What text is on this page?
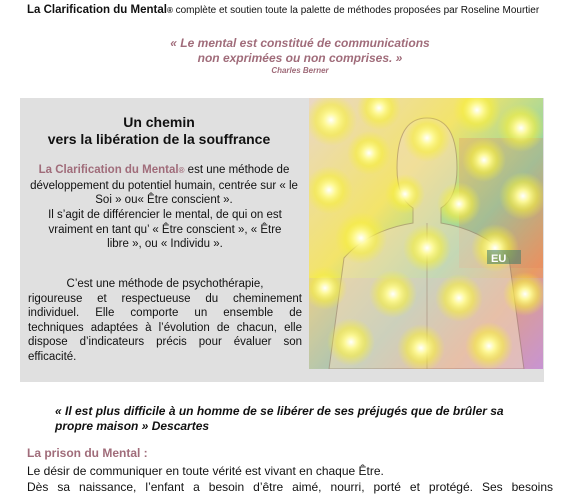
La Clarification du Mental® complète et soutien toute la palette de méthodes proposées par Roseline Mourtier
« Le mental est constitué de communications
non exprimées ou non comprises. »
Charles Berner
Un chemin
vers la libération de la souffrance
La Clarification du Mental® est une méthode de développement du potentiel humain, centrée sur « le Soi » ou« Être conscient ».
Il s’agit de différencier le mental, de qui on est vraiment en tant qu’ « Être conscient », « Être libre », ou « Individu ».
C’est une méthode de psychothérapie,
rigoureuse et respectueuse du cheminement
individuel. Elle comporte un ensemble de
techniques adaptées à l’évolution de chacun, elle
dispose d’indicateurs précis pour évaluer son
efficacité.
EU
« Il est plus difficile à un homme de se libérer de ses préjugés que de brûler sa propre maison » Descartes
La prison du Mental :
Le désir de communiquer en toute vérité est vivant en chaque Être.
Dès sa naissance, l’enfant a besoin d’être aimé, nourri, porté et protégé. Ses besoins
